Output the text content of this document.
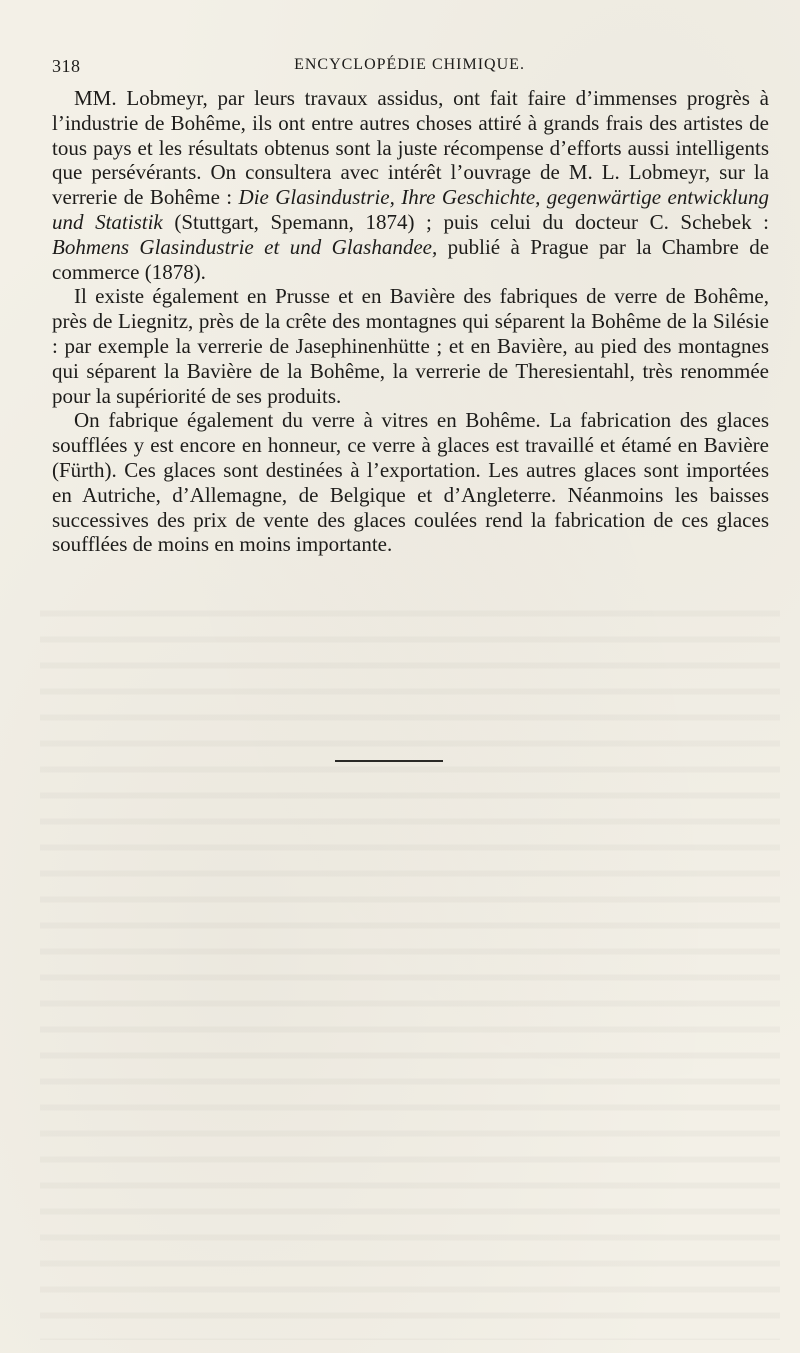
318	ENCYCLOPÉDIE CHIMIQUE.

MM. Lobmeyr, par leurs travaux assidus, ont fait faire d’immenses progrès à l’industrie de Bohême, ils ont entre autres choses attiré à grands frais des artistes de tous pays et les résultats obtenus sont la juste récompense d’efforts aussi intelligents que persévérants. On consultera avec intérêt l’ouvrage de M. L. Lobmeyr, sur la verrerie de Bohême : Die Glasindustrie, Ihre Geschichte, gegenwärtige entwicklung und Statistik (Stuttgart, Spemann, 1874) ; puis celui du docteur C. Schebek : Bohmens Glasindustrie et und Glashandee, publié à Prague par la Chambre de commerce (1878).

Il existe également en Prusse et en Bavière des fabriques de verre de Bohême, près de Liegnitz, près de la crête des montagnes qui séparent la Bohême de la Silésie : par exemple la verrerie de Jasephinenhütte ; et en Bavière, au pied des montagnes qui séparent la Bavière de la Bohême, la verrerie de Theresientahl, très renommée pour la supériorité de ses produits.

On fabrique également du verre à vitres en Bohême. La fabrication des glaces soufflées y est encore en honneur, ce verre à glaces est travaillé et étamé en Bavière (Fürth). Ces glaces sont destinées à l’exportation. Les autres glaces sont importées en Autriche, d’Allemagne, de Belgique et d’Angleterre. Néanmoins les baisses successives des prix de vente des glaces coulées rend la fabrication de ces glaces soufflées de moins en moins importante.
